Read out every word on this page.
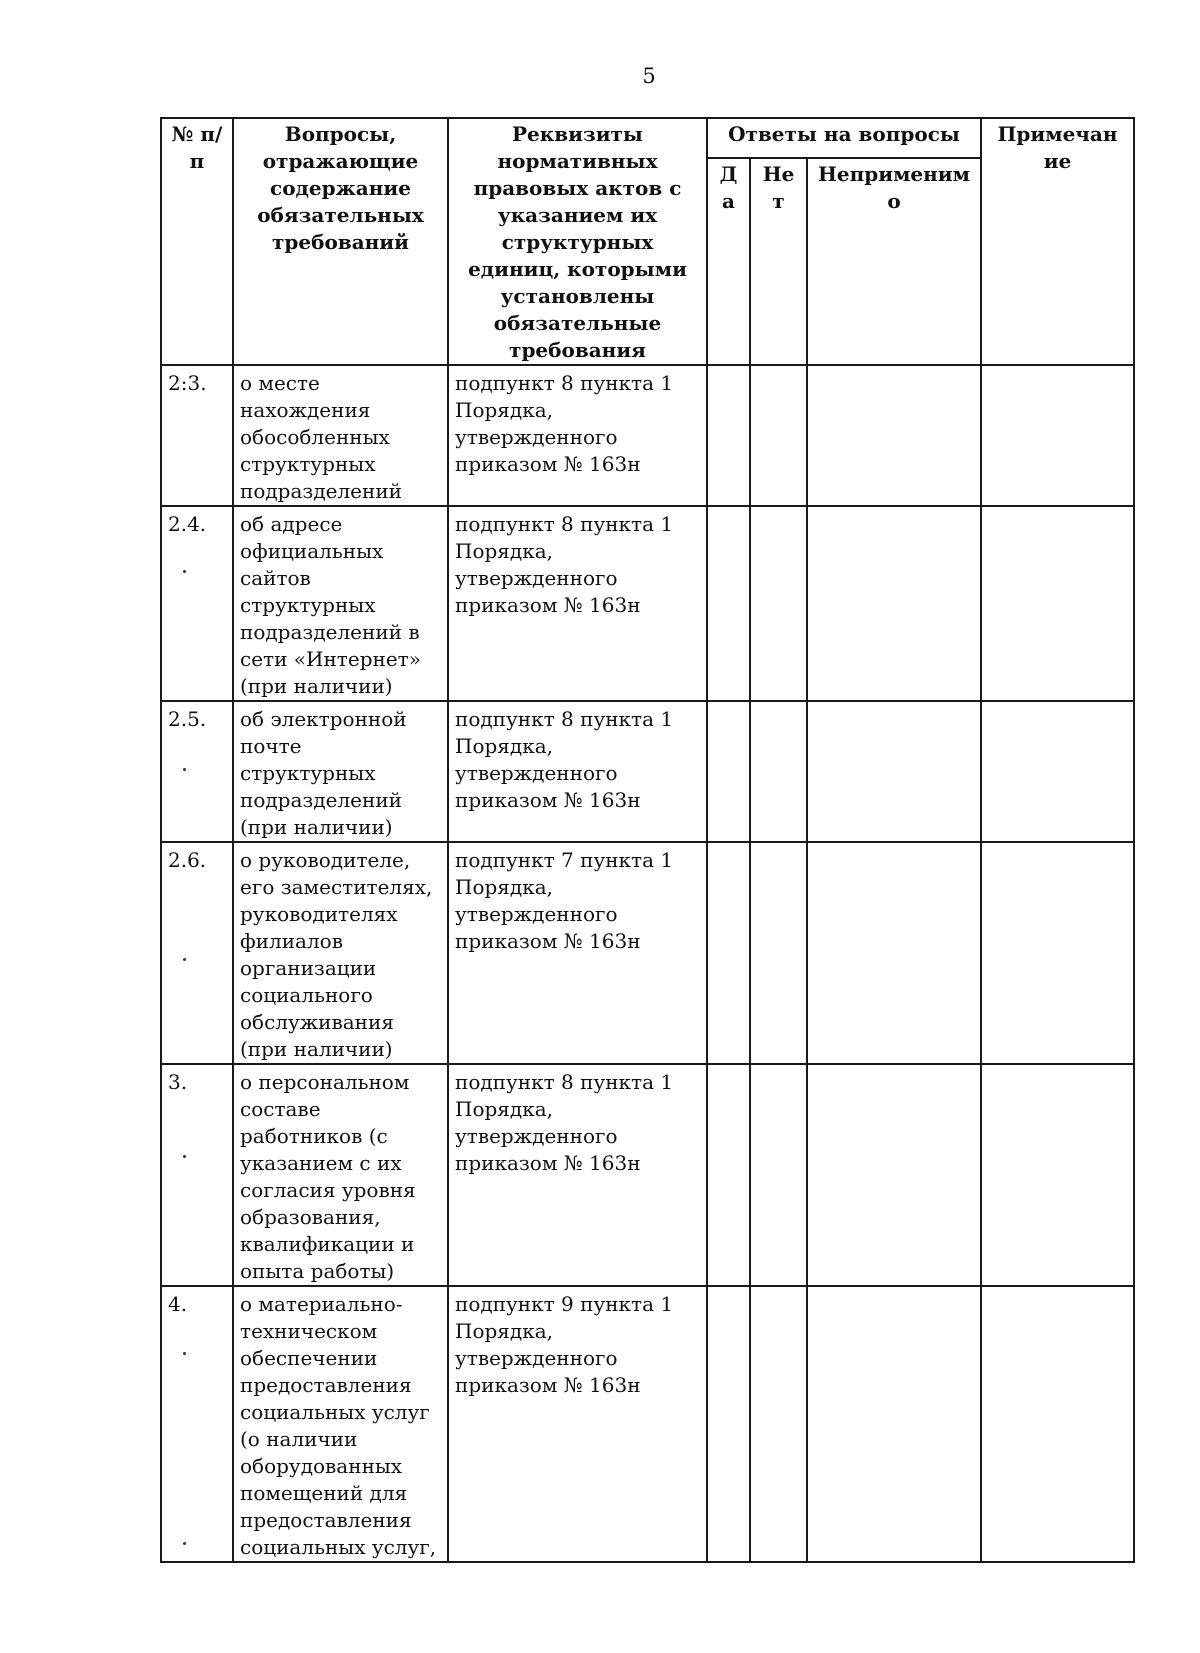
5
№ п/п	Вопросы, отражающие содержание обязательных требований	Реквизиты нормативных правовых актов с указанием их структурных единиц, которыми установлены обязательные требования	Ответы на вопросы			Примечан ие
			Да	Нет	Неприменимо	
2:3.	о месте нахождения обособленных структурных подразделений	подпункт 8 пункта 1 Порядка, утвержденного приказом № 163н				
2.4.	об адресе официальных сайтов структурных подразделений в сети «Интернет» (при наличии)	подпункт 8 пункта 1 Порядка, утвержденного приказом № 163н				
2.5.	об электронной почте структурных подразделений (при наличии)	подпункт 8 пункта 1 Порядка, утвержденного приказом № 163н				
2.6.	о руководителе, его заместителях, руководителях филиалов организации социального обслуживания (при наличии)	подпункт 7 пункта 1 Порядка, утвержденного приказом № 163н				
3.	о персональном составе работников (с указанием с их согласия уровня образования, квалификации и опыта работы)	подпункт 8 пункта 1 Порядка, утвержденного приказом № 163н				
4.	о материально-техническом обеспечении предоставления социальных услуг (о наличии оборудованных помещений для предоставления социальных услуг,	подпункт 9 пункта 1 Порядка, утвержденного приказом № 163н				
